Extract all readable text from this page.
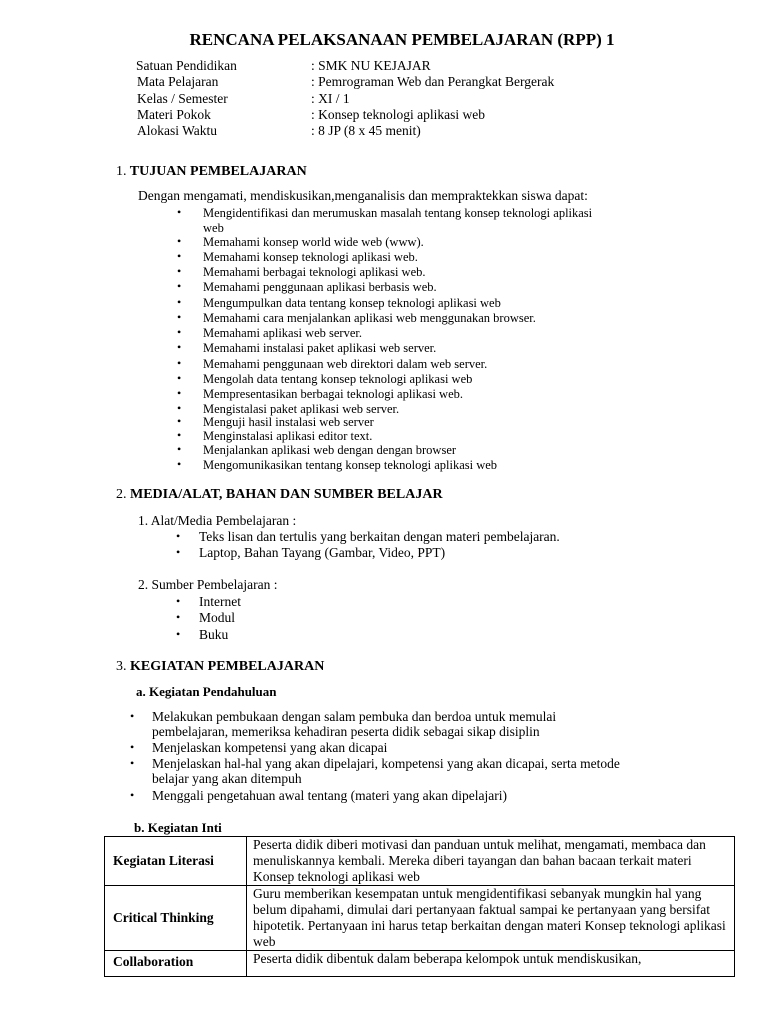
RENCANA PELAKSANAAN PEMBELAJARAN (RPP) 1
Satuan Pendidikan	: SMK NU KEJAJAR
Mata Pelajaran	: Pemrograman Web dan Perangkat Bergerak
Kelas / Semester	: XI / 1
Materi Pokok	: Konsep teknologi aplikasi web
Alokasi Waktu	: 8 JP (8 x 45 menit)
1. TUJUAN PEMBELAJARAN
Dengan mengamati, mendiskusikan,menganalisis dan mempraktekkan siswa dapat:
• Mengidentifikasi dan merumuskan masalah tentang konsep teknologi aplikasi
web
• Memahami konsep world wide web (www).
• Memahami konsep teknologi aplikasi web.
• Memahami berbagai teknologi aplikasi web.
• Memahami penggunaan aplikasi berbasis web.
• Mengumpulkan data tentang konsep teknologi aplikasi web
• Memahami cara menjalankan aplikasi web menggunakan browser.
• Memahami aplikasi web server.
• Memahami instalasi paket aplikasi web server.
• Memahami penggunaan web direktori dalam web server.
• Mengolah data tentang konsep teknologi aplikasi web
• Mempresentasikan berbagai teknologi aplikasi web.
• Mengistalasi paket aplikasi web server.
• Menguji hasil instalasi web server
• Menginstalasi aplikasi editor text.
• Menjalankan aplikasi web dengan dengan browser
• Mengomunikasikan tentang konsep teknologi aplikasi web
2. MEDIA/ALAT, BAHAN DAN SUMBER BELAJAR
1. Alat/Media Pembelajaran :
• Teks lisan dan tertulis yang berkaitan dengan materi pembelajaran.
• Laptop, Bahan Tayang (Gambar, Video, PPT)
2. Sumber Pembelajaran :
• Internet
• Modul
• Buku
3. KEGIATAN PEMBELAJARAN
a. Kegiatan Pendahuluan
• Melakukan pembukaan dengan salam pembuka dan berdoa untuk memulai
pembelajaran, memeriksa kehadiran peserta didik sebagai sikap disiplin
• Menjelaskan kompetensi yang akan dicapai
• Menjelaskan hal-hal yang akan dipelajari, kompetensi yang akan dicapai, serta metode
belajar yang akan ditempuh
• Menggali pengetahuan awal tentang (materi yang akan dipelajari)
b. Kegiatan Inti
Kegiatan Literasi	Peserta didik diberi motivasi dan panduan untuk melihat, mengamati, membaca dan menuliskannya kembali. Mereka diberi tayangan dan bahan bacaan terkait materi Konsep teknologi aplikasi web
Critical Thinking	Guru memberikan kesempatan untuk mengidentifikasi sebanyak mungkin hal yang belum dipahami, dimulai dari pertanyaan faktual sampai ke pertanyaan yang bersifat hipotetik. Pertanyaan ini harus tetap berkaitan dengan materi Konsep teknologi aplikasi web
Collaboration	Peserta didik dibentuk dalam beberapa kelompok untuk mendiskusikan,
